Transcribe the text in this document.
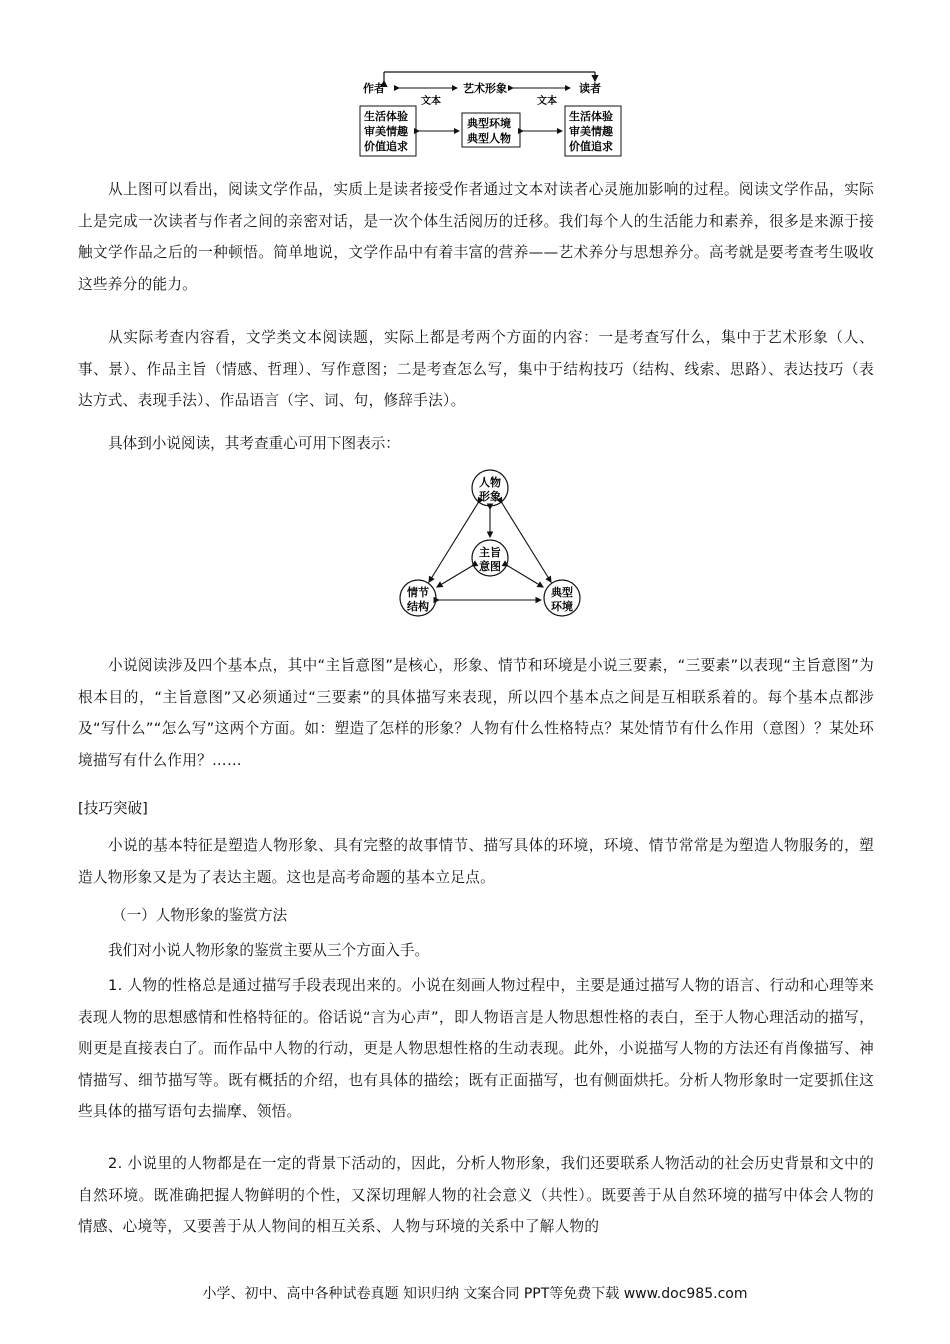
作者	艺术形象	读者
文本	文本
生活体验
审美情趣
价值追求
典型环境
典型人物
生活体验
审美情趣
价值追求

从上图可以看出，阅读文学作品，实质上是读者接受作者通过文本对读者心灵施加影响的过程。阅读文学作品，实际上是完成一次读者与作者之间的亲密对话，是一次个体生活阅历的迁移。我们每个人的生活能力和素养，很多是来源于接触文学作品之后的一种顿悟。简单地说，文学作品中有着丰富的营养——艺术养分与思想养分。高考就是要考查考生吸收这些养分的能力。

从实际考查内容看，文学类文本阅读题，实际上都是考两个方面的内容：一是考查写什么，集中于艺术形象（人、事、景）、作品主旨（情感、哲理）、写作意图；二是考查怎么写，集中于结构技巧（结构、线索、思路）、表达技巧（表达方式、表现手法）、作品语言（字、词、句，修辞手法）。

具体到小说阅读，其考查重心可用下图表示：

人物
形象
主旨
意图
情节
结构
典型
环境

小说阅读涉及四个基本点，其中“主旨意图”是核心，形象、情节和环境是小说三要素，“三要素”以表现“主旨意图”为根本目的，“主旨意图”又必须通过“三要素”的具体描写来表现，所以四个基本点之间是互相联系着的。每个基本点都涉及“写什么”“怎么写”这两个方面。如：塑造了怎样的形象？人物有什么性格特点？某处情节有什么作用（意图）？某处环境描写有什么作用？……

[技巧突破]

小说的基本特征是塑造人物形象、具有完整的故事情节、描写具体的环境，环境、情节常常是为塑造人物服务的，塑造人物形象又是为了表达主题。这也是高考命题的基本立足点。

（一）人物形象的鉴赏方法

我们对小说人物形象的鉴赏主要从三个方面入手。

1. 人物的性格总是通过描写手段表现出来的。小说在刻画人物过程中，主要是通过描写人物的语言、行动和心理等来表现人物的思想感情和性格特征的。俗话说“言为心声”，即人物语言是人物思想性格的表白，至于人物心理活动的描写，则更是直接表白了。而作品中人物的行动，更是人物思想性格的生动表现。此外，小说描写人物的方法还有肖像描写、神情描写、细节描写等。既有概括的介绍，也有具体的描绘；既有正面描写，也有侧面烘托。分析人物形象时一定要抓住这些具体的描写语句去揣摩、领悟。

2. 小说里的人物都是在一定的背景下活动的，因此，分析人物形象，我们还要联系人物活动的社会历史背景和文中的自然环境。既准确把握人物鲜明的个性，又深切理解人物的社会意义（共性）。既要善于从自然环境的描写中体会人物的情感、心境等，又要善于从人物间的相互关系、人物与环境的关系中了解人物的

小学、初中、高中各种试卷真题 知识归纳 文案合同 PPT等免费下载 www.doc985.com
